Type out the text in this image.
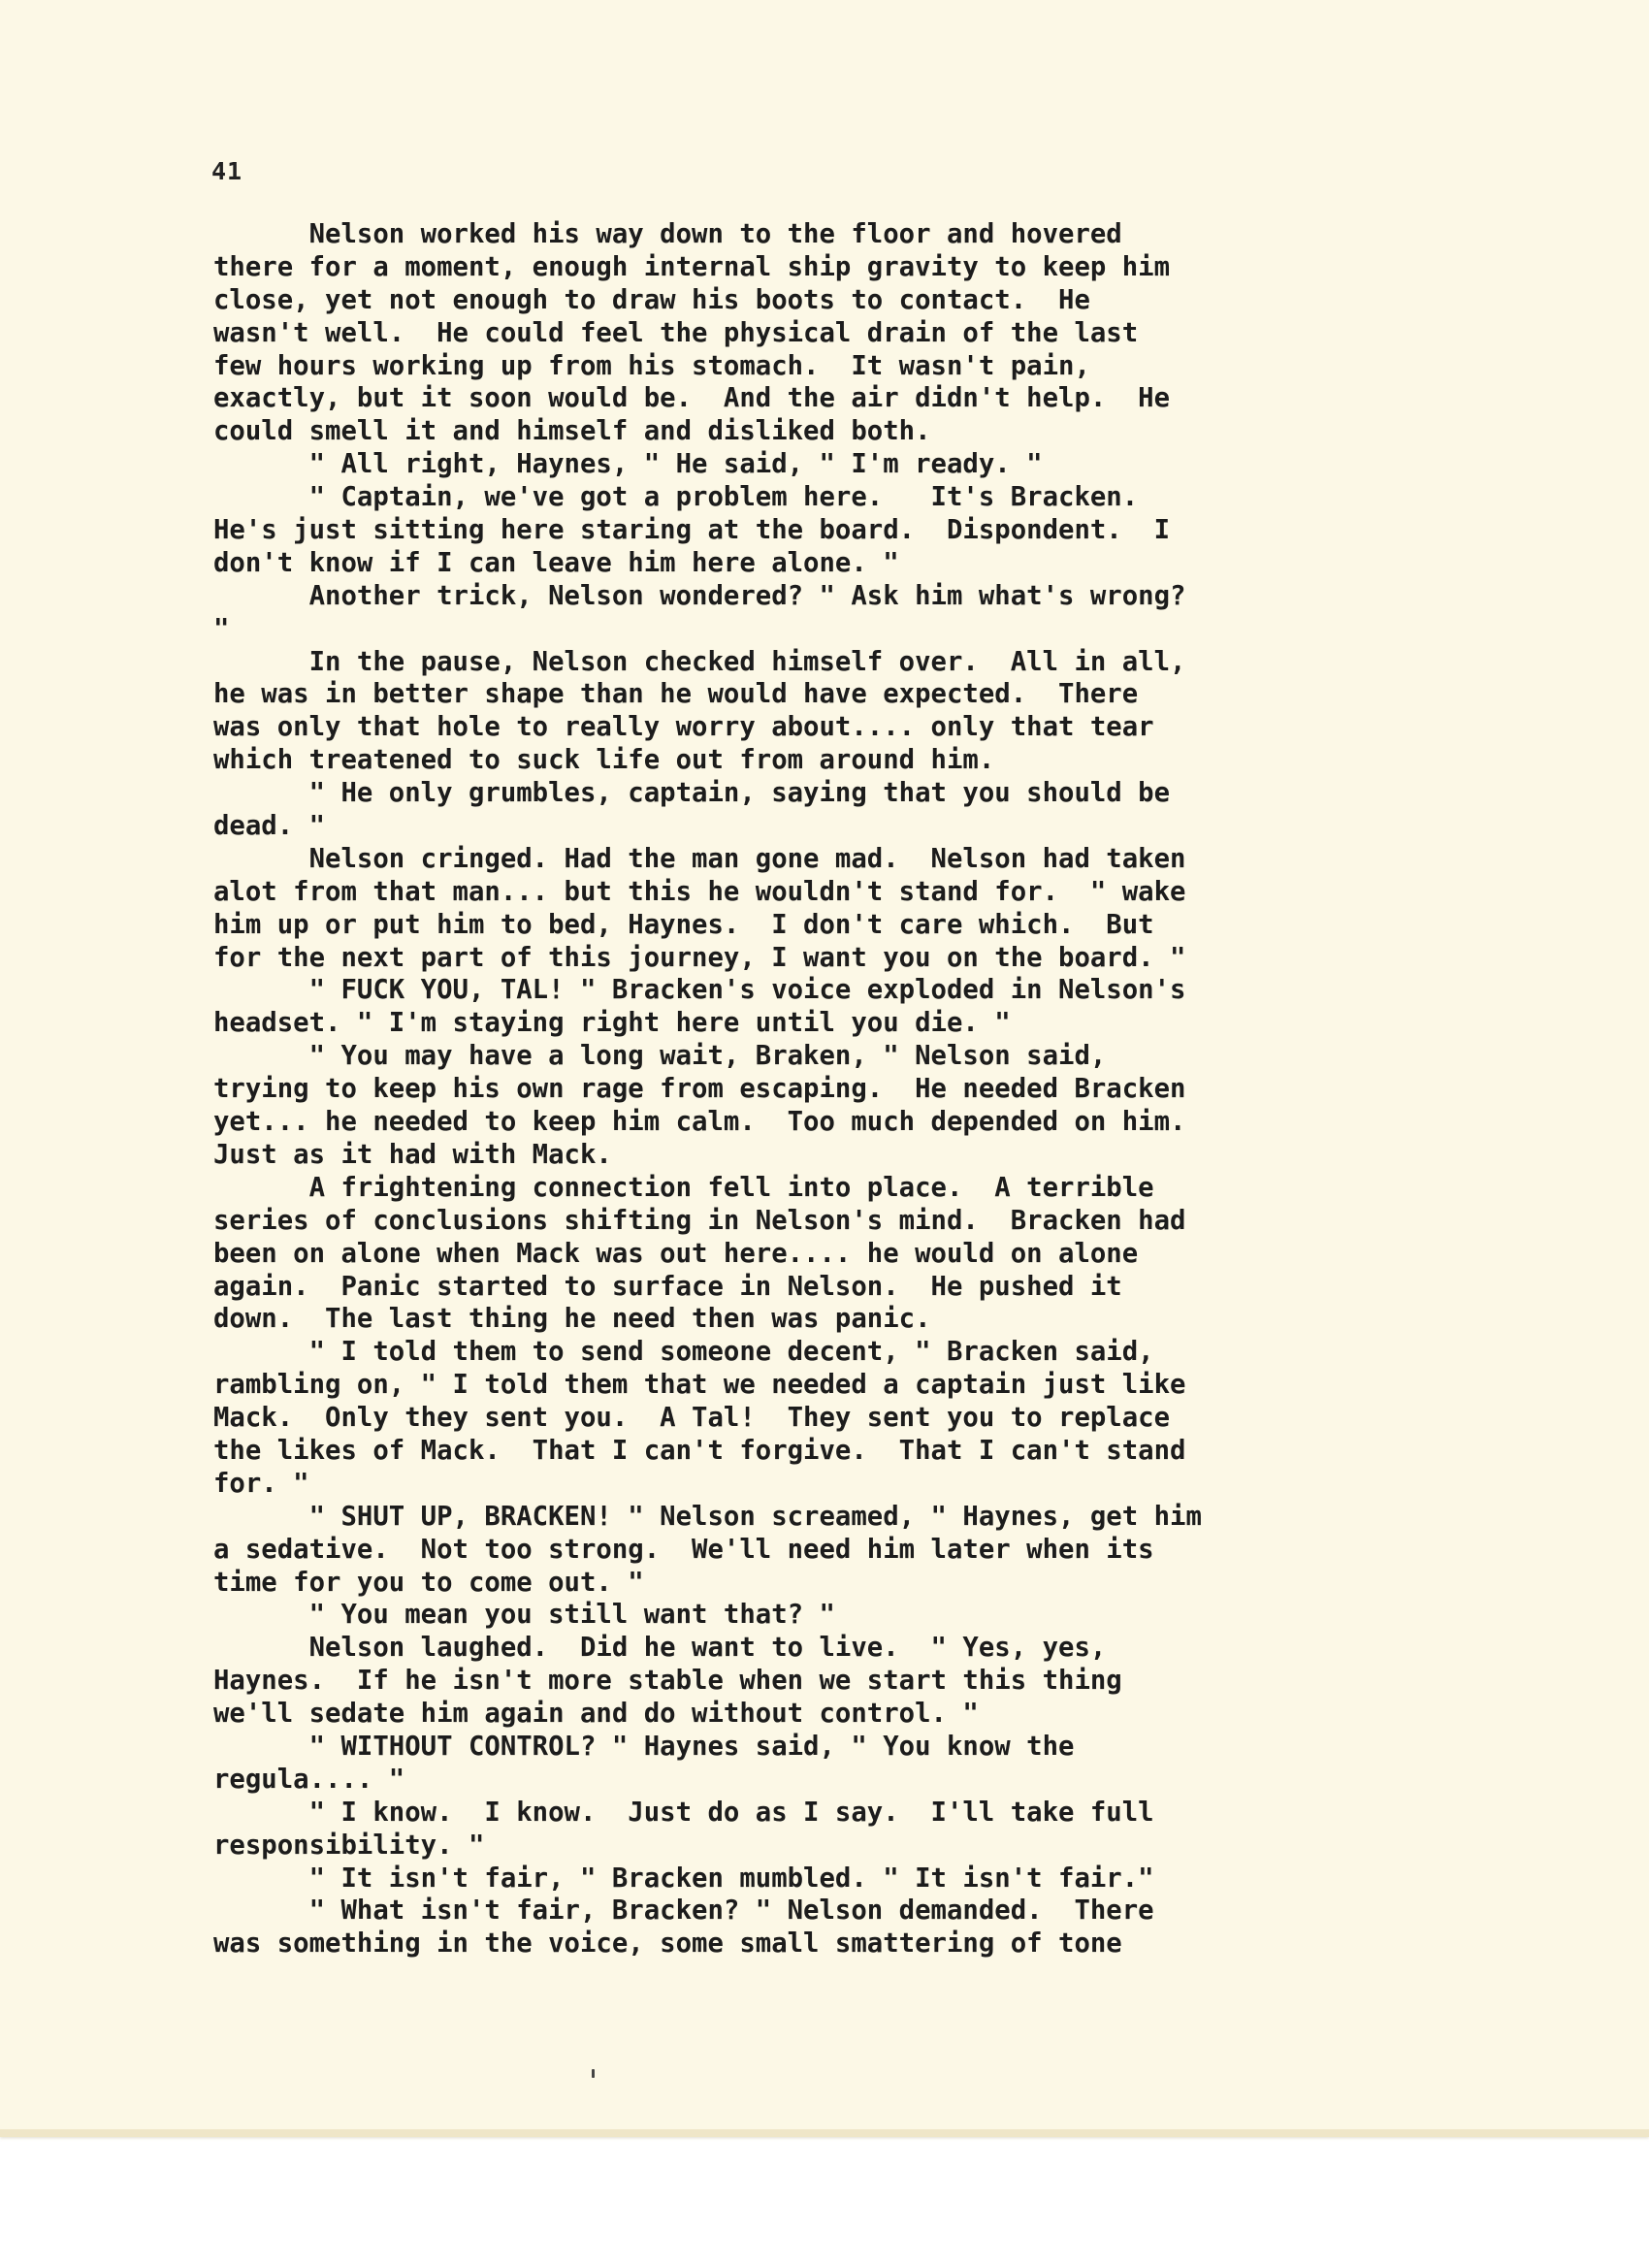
41
Nelson worked his way down to the floor and hovered
there for a moment, enough internal ship gravity to keep him
close, yet not enough to draw his boots to contact.  He
wasn't well.  He could feel the physical drain of the last
few hours working up from his stomach.  It wasn't pain,
exactly, but it soon would be.  And the air didn't help.  He
could smell it and himself and disliked both.
" All right, Haynes, " He said, " I'm ready. "
" Captain, we've got a problem here.   It's Bracken.
He's just sitting here staring at the board.  Dispondent.  I
don't know if I can leave him here alone. "
Another trick, Nelson wondered? " Ask him what's wrong?
"
In the pause, Nelson checked himself over.  All in all,
he was in better shape than he would have expected.  There
was only that hole to really worry about.... only that tear
which treatened to suck life out from around him.
" He only grumbles, captain, saying that you should be
dead. "
Nelson cringed. Had the man gone mad.  Nelson had taken
alot from that man... but this he wouldn't stand for.  " wake
him up or put him to bed, Haynes.  I don't care which.  But
for the next part of this journey, I want you on the board. "
" FUCK YOU, TAL! " Bracken's voice exploded in Nelson's
headset. " I'm staying right here until you die. "
" You may have a long wait, Braken, " Nelson said,
trying to keep his own rage from escaping.  He needed Bracken
yet... he needed to keep him calm.  Too much depended on him.
Just as it had with Mack.
A frightening connection fell into place.  A terrible
series of conclusions shifting in Nelson's mind.  Bracken had
been on alone when Mack was out here.... he would on alone
again.  Panic started to surface in Nelson.  He pushed it
down.  The last thing he need then was panic.
" I told them to send someone decent, " Bracken said,
rambling on, " I told them that we needed a captain just like
Mack.  Only they sent you.  A Tal!  They sent you to replace
the likes of Mack.  That I can't forgive.  That I can't stand
for. "
" SHUT UP, BRACKEN! " Nelson screamed, " Haynes, get him
a sedative.  Not too strong.  We'll need him later when its
time for you to come out. "
" You mean you still want that? "
Nelson laughed.  Did he want to live.  " Yes, yes,
Haynes.  If he isn't more stable when we start this thing
we'll sedate him again and do without control. "
" WITHOUT CONTROL? " Haynes said, " You know the
regula.... "
" I know.  I know.  Just do as I say.  I'll take full
responsibility. "
" It isn't fair, " Bracken mumbled. " It isn't fair."
" What isn't fair, Bracken? " Nelson demanded.  There
was something in the voice, some small smattering of tone
